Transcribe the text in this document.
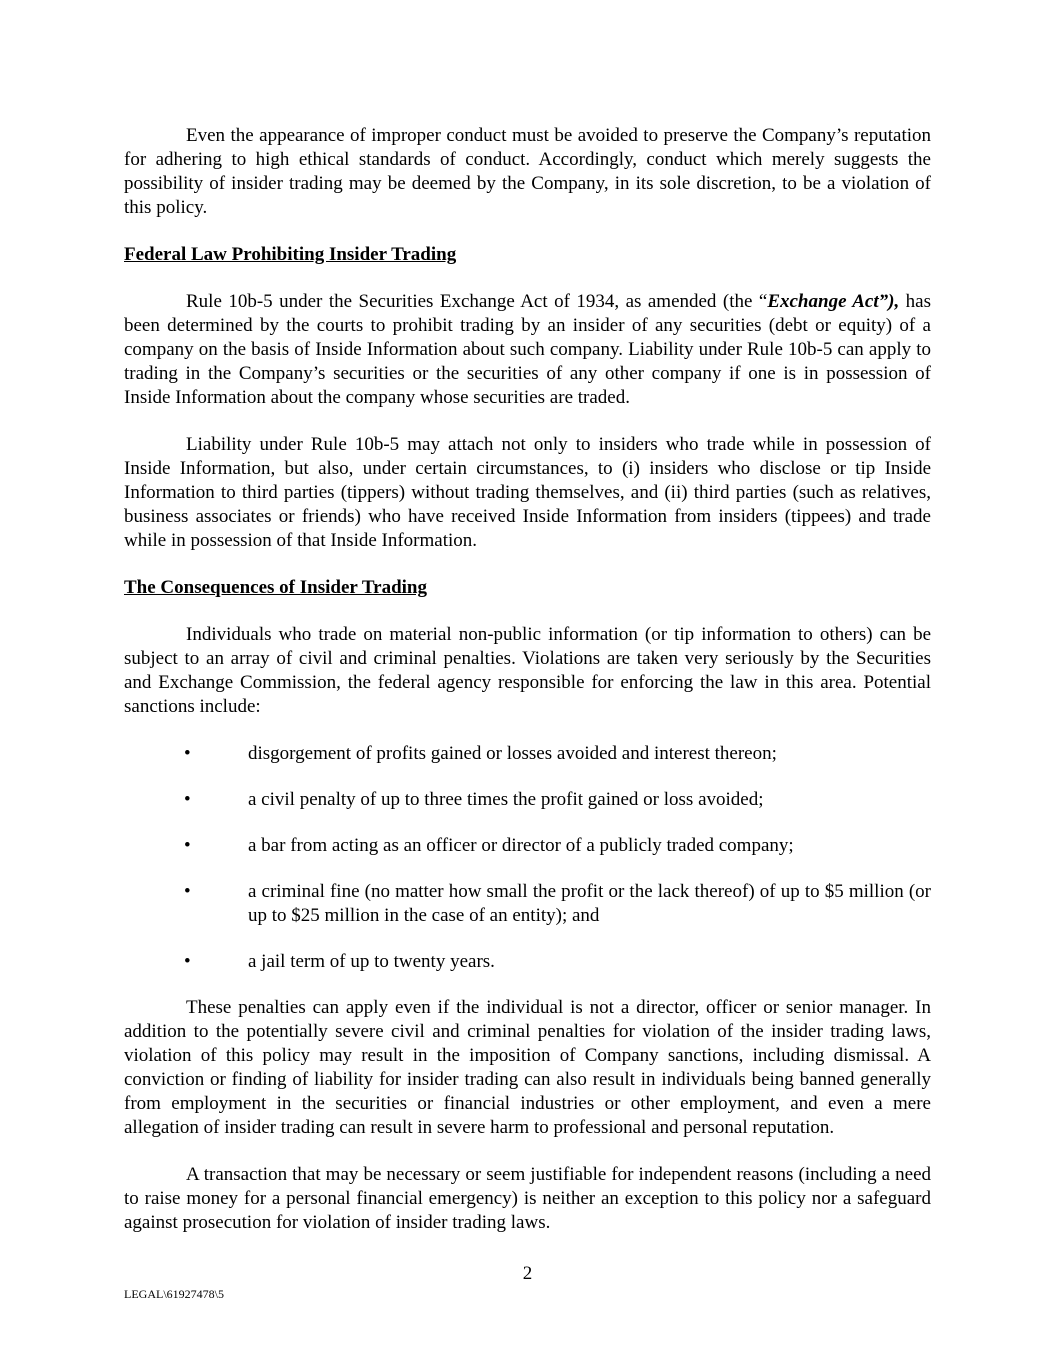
Even the appearance of improper conduct must be avoided to preserve the Company’s reputation for adhering to high ethical standards of conduct. Accordingly, conduct which merely suggests the possibility of insider trading may be deemed by the Company, in its sole discretion, to be a violation of this policy.

Federal Law Prohibiting Insider Trading

Rule 10b-5 under the Securities Exchange Act of 1934, as amended (the “Exchange Act”), has been determined by the courts to prohibit trading by an insider of any securities (debt or equity) of a company on the basis of Inside Information about such company. Liability under Rule 10b-5 can apply to trading in the Company’s securities or the securities of any other company if one is in possession of Inside Information about the company whose securities are traded.

Liability under Rule 10b-5 may attach not only to insiders who trade while in possession of Inside Information, but also, under certain circumstances, to (i) insiders who disclose or tip Inside Information to third parties (tippers) without trading themselves, and (ii) third parties (such as relatives, business associates or friends) who have received Inside Information from insiders (tippees) and trade while in possession of that Inside Information.

The Consequences of Insider Trading

Individuals who trade on material non-public information (or tip information to others) can be subject to an array of civil and criminal penalties. Violations are taken very seriously by the Securities and Exchange Commission, the federal agency responsible for enforcing the law in this area. Potential sanctions include:

•	disgorgement of profits gained or losses avoided and interest thereon;
•	a civil penalty of up to three times the profit gained or loss avoided;
•	a bar from acting as an officer or director of a publicly traded company;
•	a criminal fine (no matter how small the profit or the lack thereof) of up to $5 million (or up to $25 million in the case of an entity); and
•	a jail term of up to twenty years.

These penalties can apply even if the individual is not a director, officer or senior manager. In addition to the potentially severe civil and criminal penalties for violation of the insider trading laws, violation of this policy may result in the imposition of Company sanctions, including dismissal. A conviction or finding of liability for insider trading can also result in individuals being banned generally from employment in the securities or financial industries or other employment, and even a mere allegation of insider trading can result in severe harm to professional and personal reputation.

A transaction that may be necessary or seem justifiable for independent reasons (including a need to raise money for a personal financial emergency) is neither an exception to this policy nor a safeguard against prosecution for violation of insider trading laws.

2
LEGAL\61927478\5
